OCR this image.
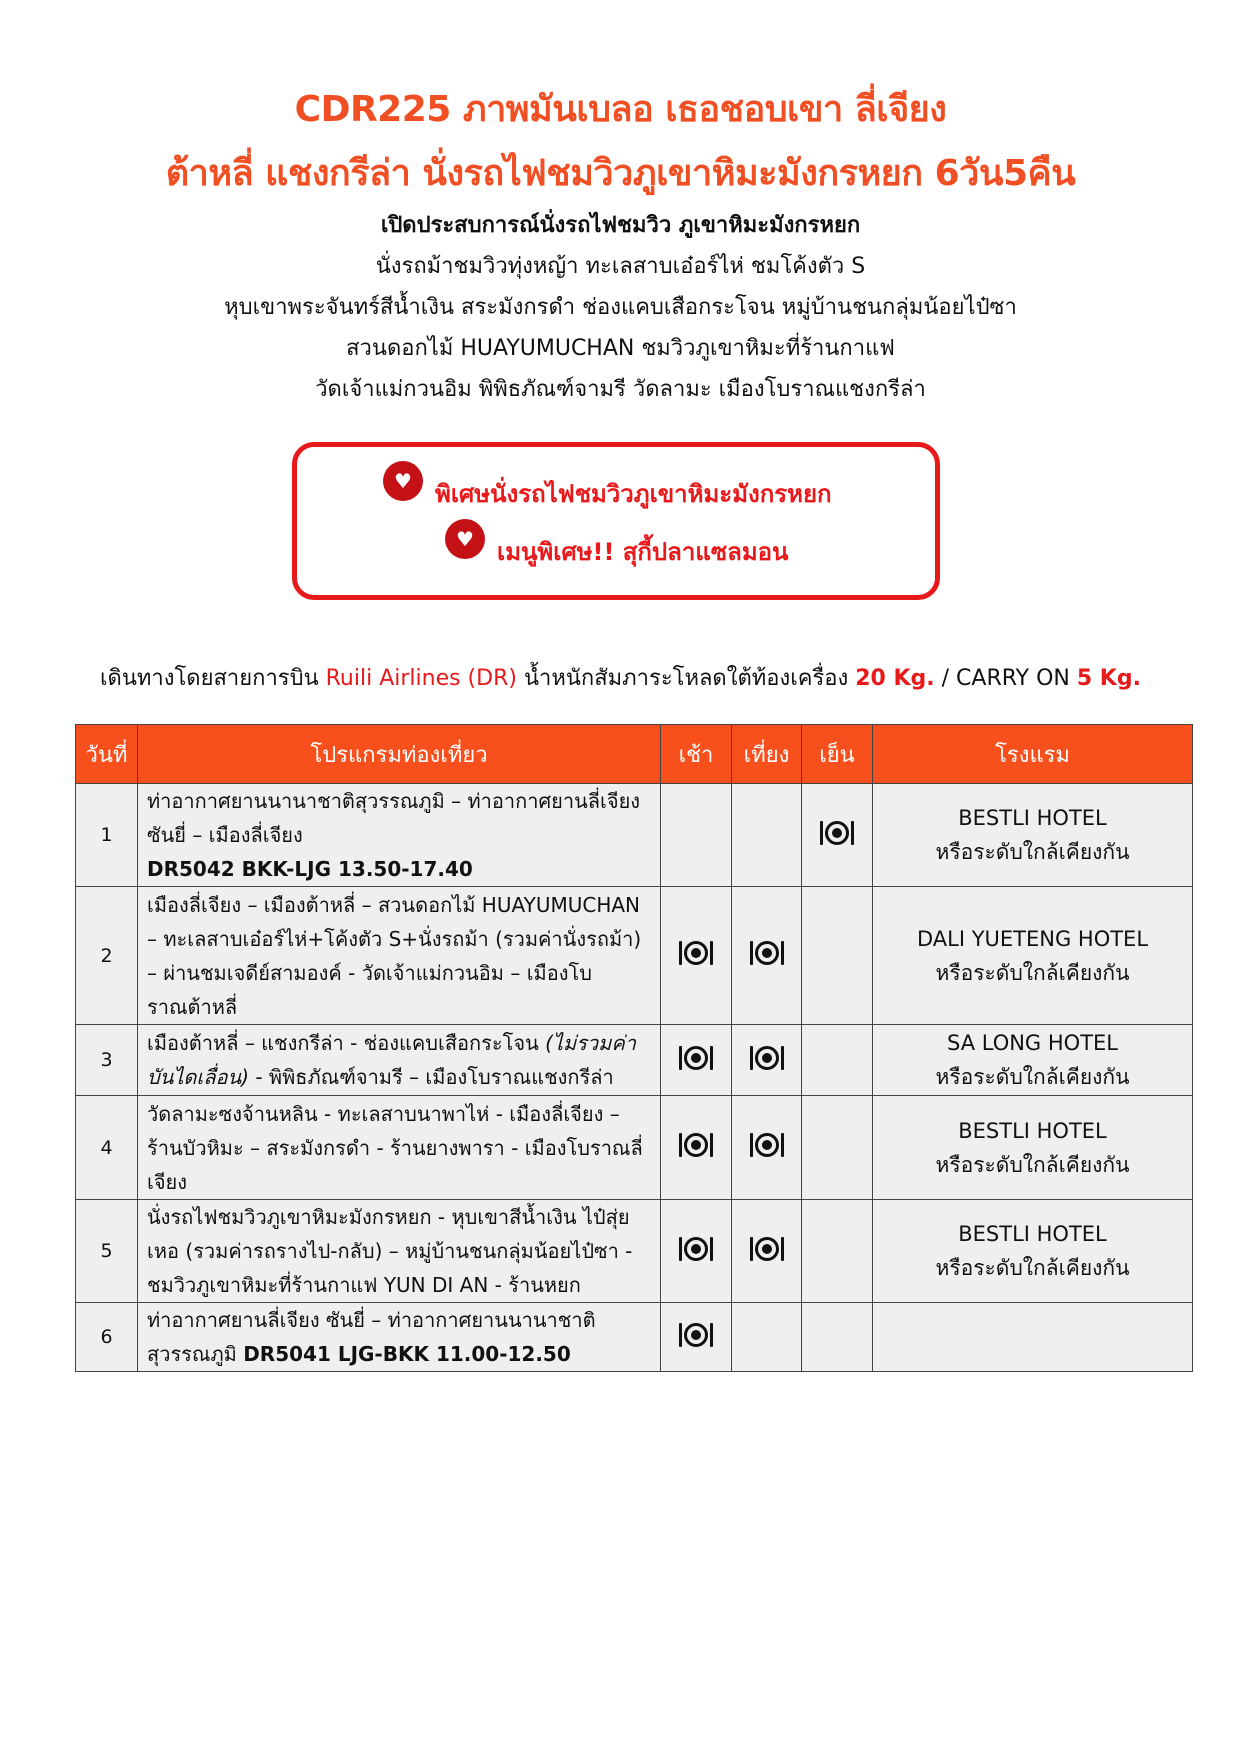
CDR225 ภาพมันเบลอ เธอชอบเขา ลี่เจียง
ต้าหลี่ แชงกรีล่า นั่งรถไฟชมวิวภูเขาหิมะมังกรหยก 6วัน5คืน
เปิดประสบการณ์นั่งรถไฟชมวิว ภูเขาหิมะมังกรหยก
นั่งรถม้าชมวิวทุ่งหญ้า ทะเลสาบเอ๋อร์ไห่ ชมโค้งตัว S
หุบเขาพระจันทร์สีน้ำเงิน สระมังกรดำ ช่องแคบเสือกระโจน หมู่บ้านชนกลุ่มน้อยไป๋ซา
สวนดอกไม้ HUAYUMUCHAN ชมวิวภูเขาหิมะที่ร้านกาแฟ
วัดเจ้าแม่กวนอิม พิพิธภัณฑ์จามรี วัดลามะ เมืองโบราณแชงกรีล่า
♥ พิเศษนั่งรถไฟชมวิวภูเขาหิมะมังกรหยก
♥ เมนูพิเศษ!! สุกี้ปลาแซลมอน
เดินทางโดยสายการบิน Ruili Airlines (DR) น้ำหนักสัมภาระโหลดใต้ท้องเครื่อง 20 Kg. / CARRY ON 5 Kg.
วันที่	โปรแกรมท่องเที่ยว	เช้า	เที่ยง	เย็น	โรงแรม
1	ท่าอากาศยานนานาชาติสุวรรณภูมิ – ท่าอากาศยานลี่เจียง ซันยี่ – เมืองลี่เจียง
DR5042 BKK-LJG 13.50-17.40				BESTLI HOTEL
หรือระดับใกล้เคียงกัน
2	เมืองลี่เจียง – เมืองต้าหลี่ – สวนดอกไม้ HUAYUMUCHAN – ทะเลสาบเอ๋อร์ไห่+โค้งตัว S+นั่งรถม้า (รวมค่านั่งรถม้า) – ผ่านชมเจดีย์สามองค์ - วัดเจ้าแม่กวนอิม – เมืองโบราณต้าหลี่				DALI YUETENG HOTEL
หรือระดับใกล้เคียงกัน
3	เมืองต้าหลี่ – แชงกรีล่า - ช่องแคบเสือกระโจน (ไม่รวมค่าบันไดเลื่อน) - พิพิธภัณฑ์จามรี – เมืองโบราณแชงกรีล่า				SA LONG HOTEL
หรือระดับใกล้เคียงกัน
4	วัดลามะซงจ้านหลิน - ทะเลสาบนาพาไห่ - เมืองลี่เจียง – ร้านบัวหิมะ – สระมังกรดำ - ร้านยางพารา - เมืองโบราณลี่เจียง				BESTLI HOTEL
หรือระดับใกล้เคียงกัน
5	นั่งรถไฟชมวิวภูเขาหิมะมังกรหยก - หุบเขาสีน้ำเงิน ไป๋สุ่ยเหอ (รวมค่ารถรางไป-กลับ) – หมู่บ้านชนกลุ่มน้อยไป๋ซา - ชมวิวภูเขาหิมะที่ร้านกาแฟ YUN DI AN - ร้านหยก				BESTLI HOTEL
หรือระดับใกล้เคียงกัน
6	ท่าอากาศยานลี่เจียง ซันยี่ – ท่าอากาศยานนานาชาติสุวรรณภูมิ DR5041 LJG-BKK 11.00-12.50	
